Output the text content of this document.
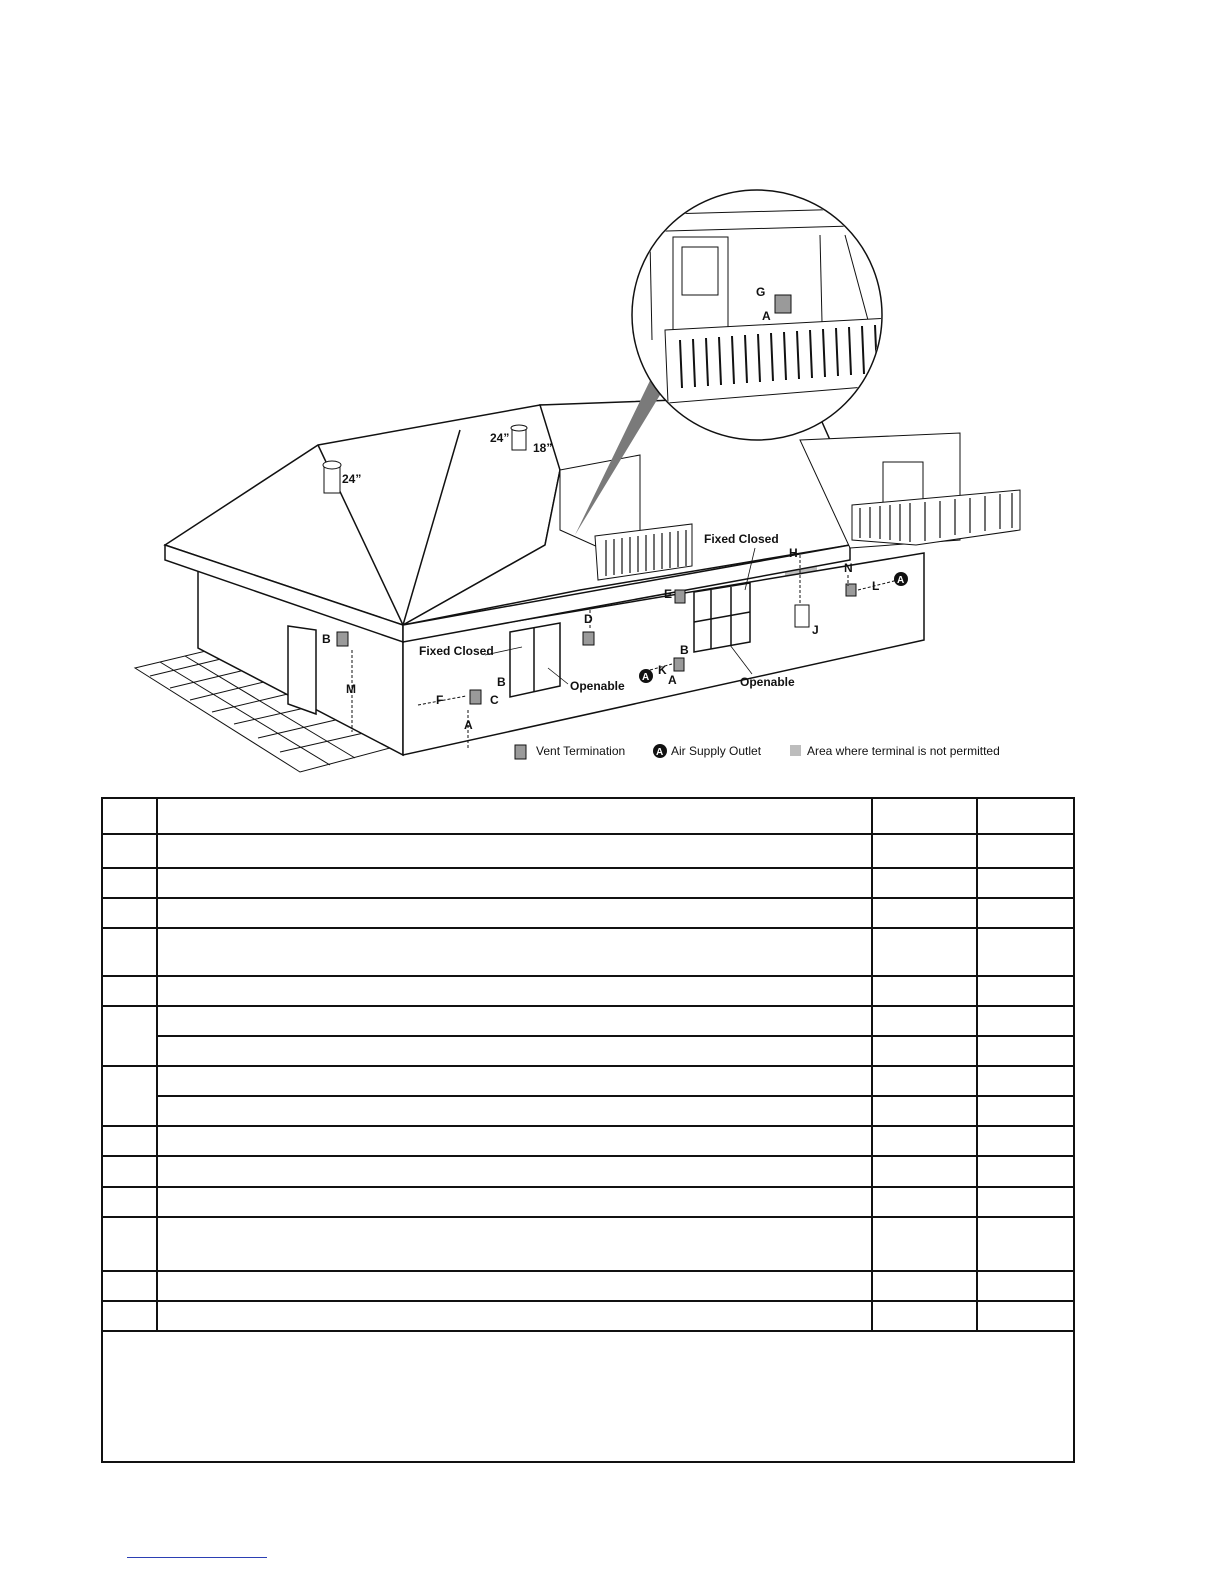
Fixed Closed
Openable
Fixed Closed
Openable
24”
24”
18”
A
A
A
B
B
B
C
D
E
F
G
H
J
K
L
M
N
A
A
Vent Termination	A Air Supply Outlet	Area where terminal is not permitted
